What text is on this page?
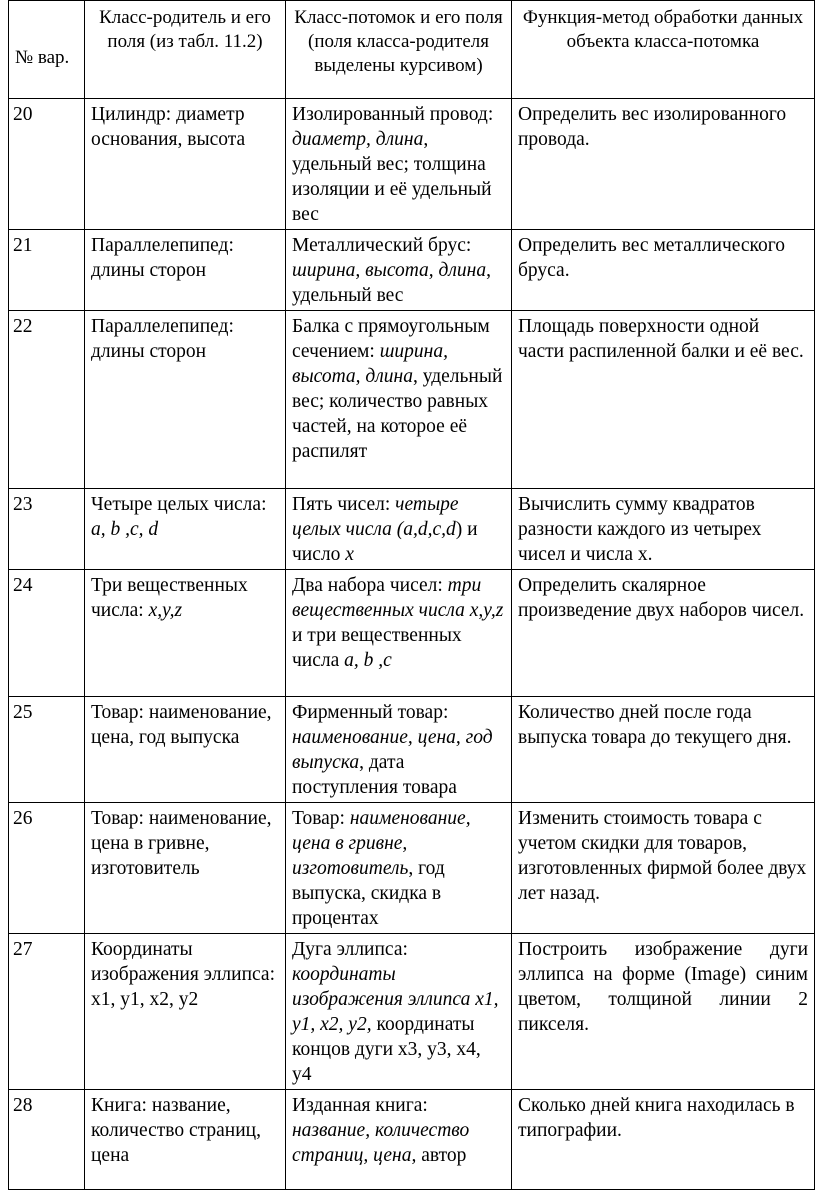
№ вар.	Класс-родитель и его поля (из табл. 11.2)	Класс-потомок и его поля (поля класса-родителя выделены курсивом)	Функция-метод обработки данных объекта класса-потомка
20	Цилиндр: диаметр основания, высота	Изолированный провод: диаметр, длина, удельный вес; толщина изоляции и её удельный вес	Определить вес изолированного провода.
21	Параллелепипед: длины сторон	Металлический брус: ширина, высота, длина, удельный вес	Определить вес металлического бруса.
22	Параллелепипед: длины сторон	Балка с прямоугольным сечением: ширина, высота, длина, удельный вес; количество равных частей, на которое её распилят	Площадь поверхности одной части распиленной балки и её вес.
23	Четыре целых числа: a, b ,c, d	Пять чисел: четыре целых числа (a,d,c,d) и число x	Вычислить сумму квадратов разности каждого из четырех чисел и числа x.
24	Три вещественных числа: x,y,z	Два набора чисел: три вещественных числа x,y,z и три вещественных числа a, b ,c	Определить скалярное произведение двух наборов чисел.
25	Товар: наименование, цена, год выпуска	Фирменный товар: наименование, цена, год выпуска, дата поступления товара	Количество дней после года выпуска товара до текущего дня.
26	Товар: наименование, цена в гривне, изготовитель	Товар: наименование, цена в гривне, изготовитель, год выпуска, скидка в процентах	Изменить стоимость товара с учетом скидки для товаров, изготовленных фирмой более двух лет назад.
27	Координаты изображения эллипса: x1, y1, x2, y2	Дуга эллипса: координаты изображения эллипса x1, y1, x2, y2, координаты концов дуги x3, y3, x4, y4	Построить изображение дуги эллипса на форме (Image) синим цветом, толщиной линии 2 пикселя.
28	Книга: название, количество страниц, цена	Изданная книга: название, количество страниц, цена, автор	Сколько дней книга находилась в типографии.
